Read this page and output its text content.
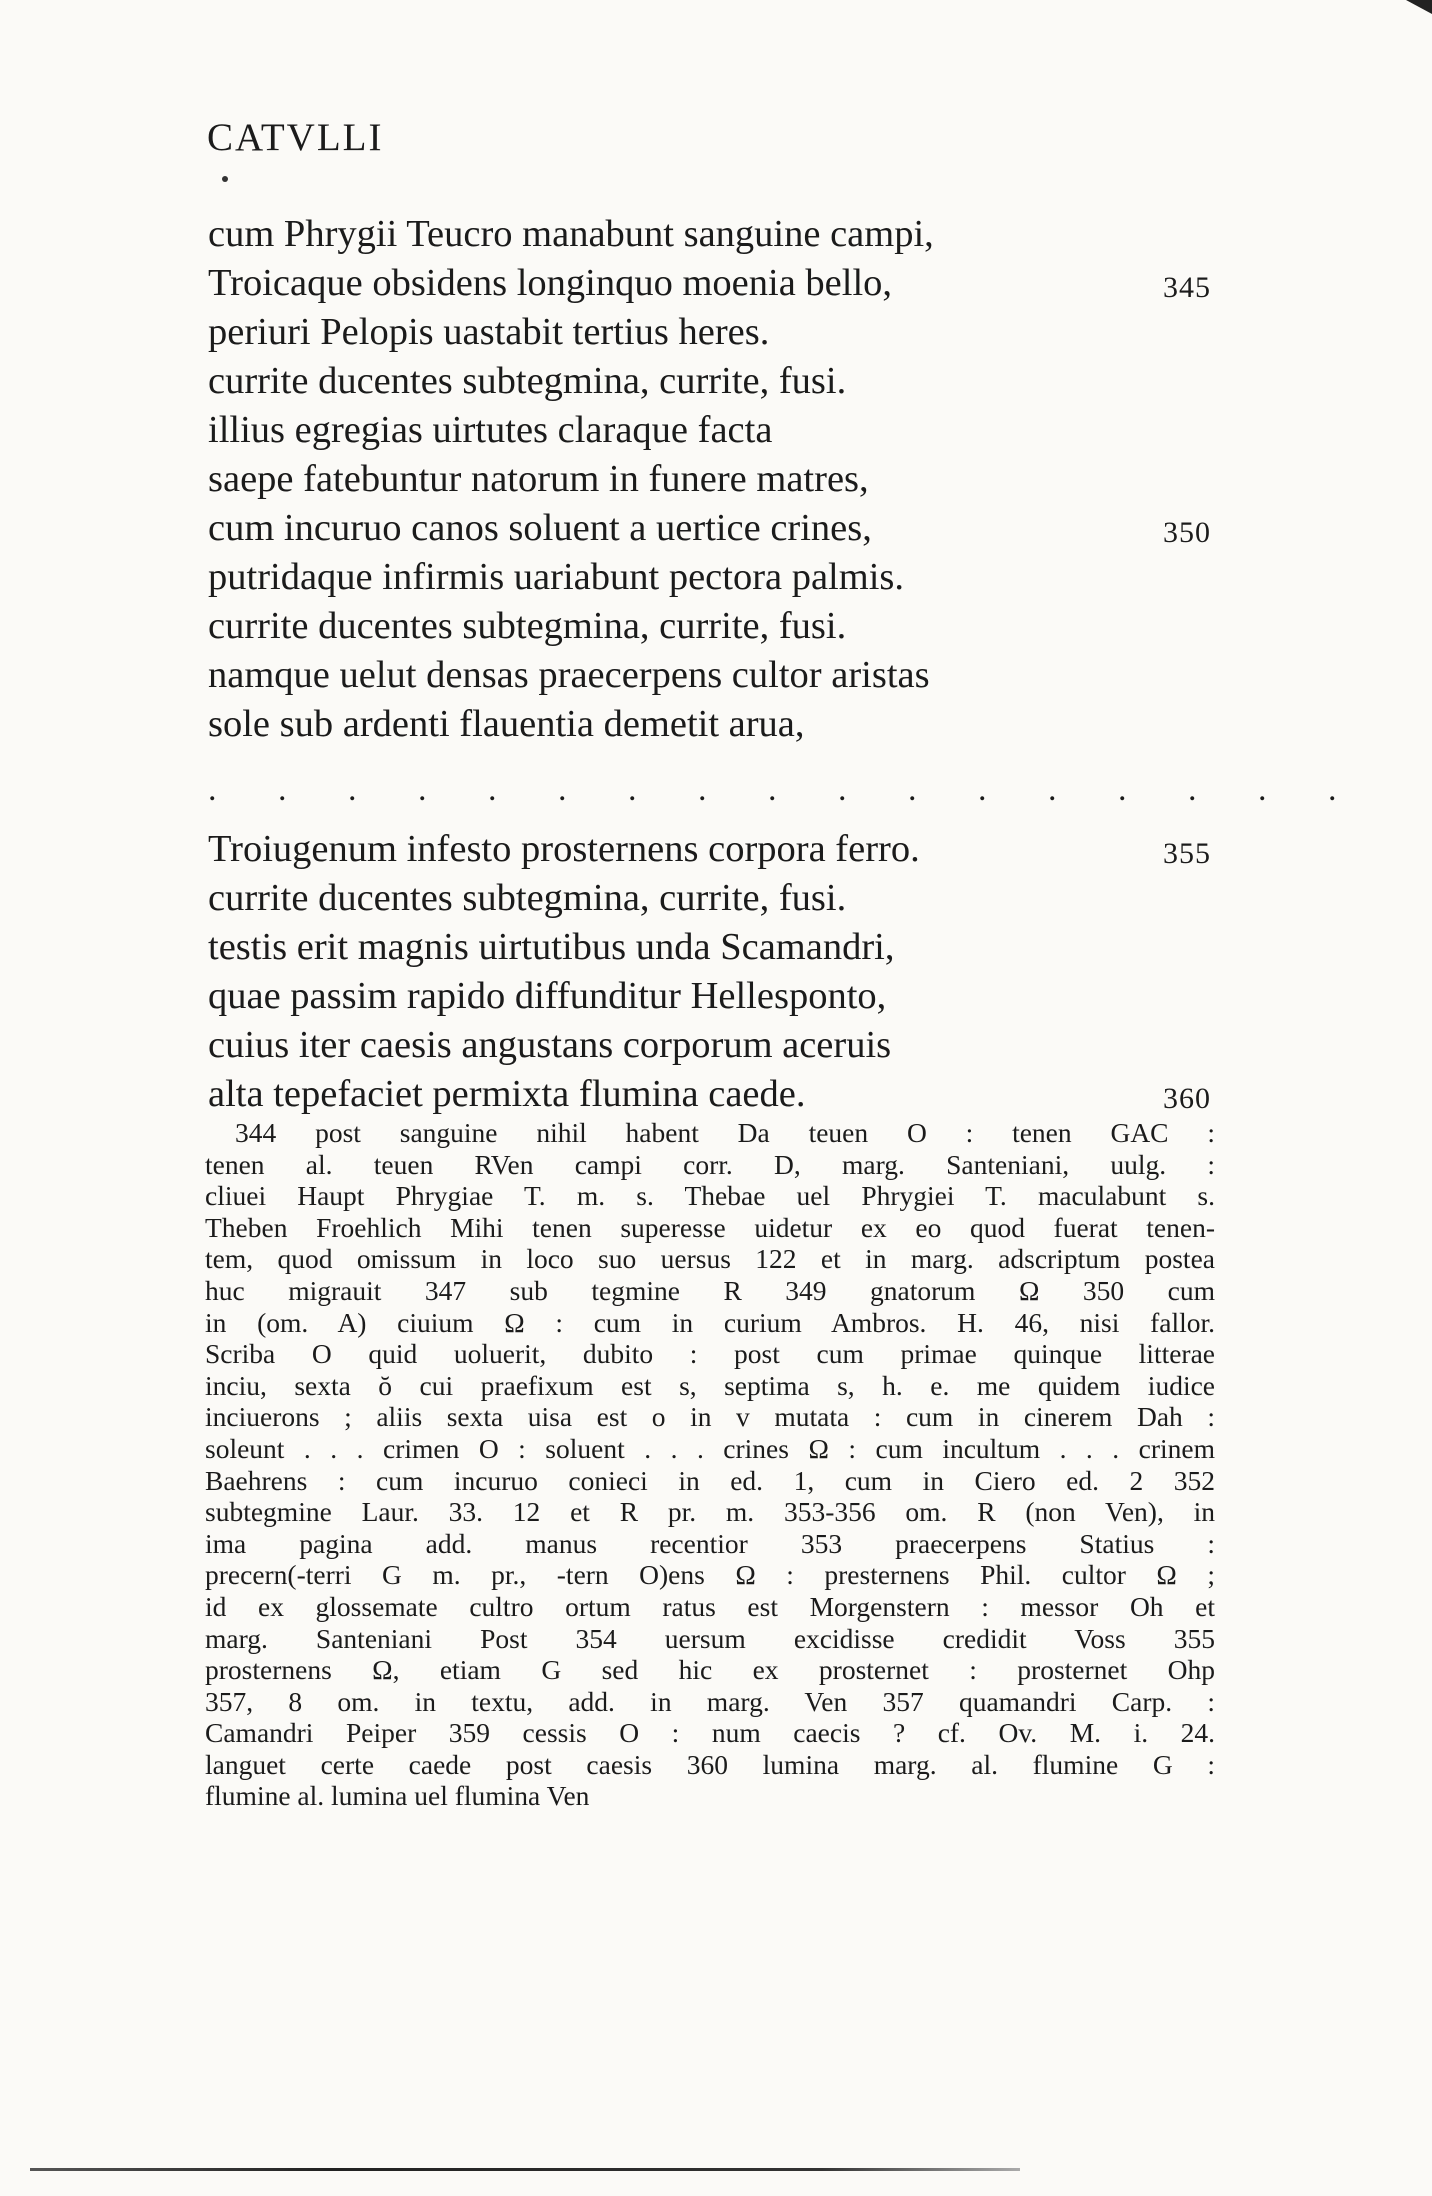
CATVLLI
cum Phrygii Teucro manabunt sanguine campi,
Troicaque obsidens longinquo moenia bello,	345
periuri Pelopis uastabit tertius heres.
currite ducentes subtegmina, currite, fusi.
illius egregias uirtutes claraque facta
saepe fatebuntur natorum in funere matres,
cum incuruo canos soluent a uertice crines,	350
putridaque infirmis uariabunt pectora palmis.
currite ducentes subtegmina, currite, fusi.
namque uelut densas praecerpens cultor aristas
sole sub ardenti flauentia demetit arua,
. . . . . . . . . . . . . . . . .
Troiugenum infesto prosternens corpora ferro.	355
currite ducentes subtegmina, currite, fusi.
testis erit magnis uirtutibus unda Scamandri,
quae passim rapido diffunditur Hellesponto,
cuius iter caesis angustans corporum aceruis
alta tepefaciet permixta flumina caede.	360
344 post sanguine nihil habent Da teuen O : tenen GAC :
tenen al. teuen RVen campi corr. D, marg. Santeniani, uulg. :
cliuei Haupt Phrygiae T. m. s. Thebae uel Phrygiei T. maculabunt s.
Theben Froehlich Mihi tenen superesse uidetur ex eo quod fuerat tenen-
tem, quod omissum in loco suo uersus 122 et in marg. adscriptum postea
huc migrauit 347 sub tegmine R 349 gnatorum Ω 350 cum
in (om. A) ciuium Ω : cum in curium Ambros. H. 46, nisi fallor.
Scriba O quid uoluerit, dubito : post cum primae quinque litterae
inciu, sexta ŏ cui praefixum est s, septima s, h. e. me quidem iudice
inciuerons ; aliis sexta uisa est o in v mutata : cum in cinerem Dah :
soleunt . . . crimen O : soluent . . . crines Ω : cum incultum . . . crinem
Baehrens : cum incuruo conieci in ed. 1, cum in Ciero ed. 2 352
subtegmine Laur. 33. 12 et R pr. m. 353-356 om. R (non Ven), in
ima pagina add. manus recentior 353 praecerpens Statius :
precern(-terri G m. pr., -tern O)ens Ω : presternens Phil. cultor Ω ;
id ex glossemate cultro ortum ratus est Morgenstern : messor Oh et
marg. Santeniani Post 354 uersum excidisse credidit Voss 355
prosternens Ω, etiam G sed hic ex prosternet : prosternet Ohp
357, 8 om. in textu, add. in marg. Ven 357 quamandri Carp. :
Camandri Peiper 359 cessis O : num caecis ? cf. Ov. M. i. 24.
languet certe caede post caesis 360 lumina marg. al. flumine G :
flumine al. lumina uel flumina Ven
